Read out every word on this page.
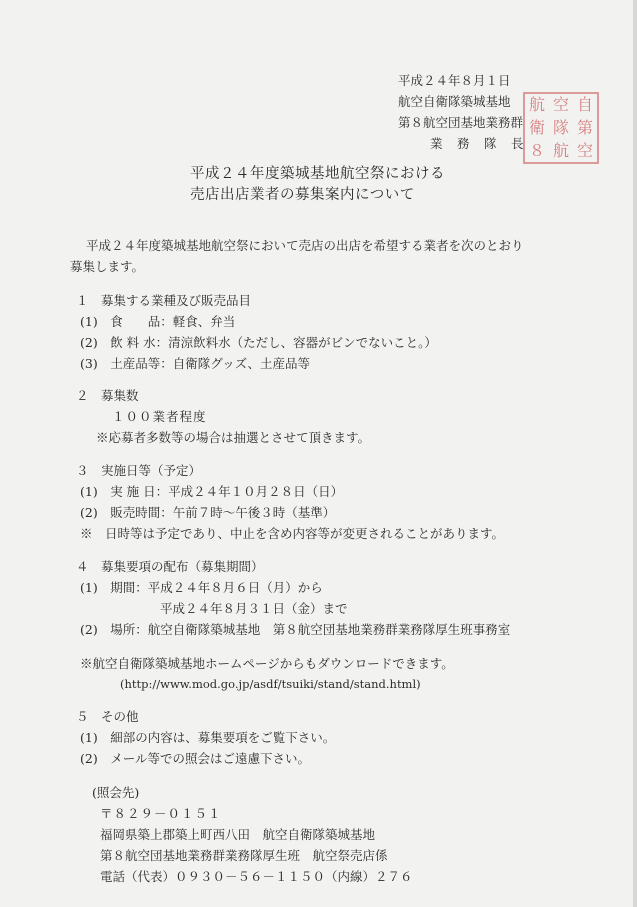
平成２４年８月１日
航空自衛隊築城基地
第８航空団基地業務群
業　務　隊　長
航 空 自
衛 隊 第
８ 航 空
平成２４年度築城基地航空祭における
売店出店業者の募集案内について
平成２４年度築城基地航空祭において売店の出店を希望する業者を次のとおり
募集します。
１　募集する業種及び販売品目
(1)　食　　品：軽食、弁当
(2)　飲 料 水：清涼飲料水（ただし、容器がビンでないこと。）
(3)　土産品等：自衛隊グッズ、土産品等
２　募集数
１００業者程度
※応募者多数等の場合は抽選とさせて頂きます。
３　実施日等（予定）
(1)　実 施 日：平成２４年１０月２８日（日）
(2)　販売時間：午前７時～午後３時（基準）
※　日時等は予定であり、中止を含め内容等が変更されることがあります。
４　募集要項の配布（募集期間）
(1)　期間：平成２４年８月６日（月）から
平成２４年８月３１日（金）まで
(2)　場所：航空自衛隊築城基地　第８航空団基地業務群業務隊厚生班事務室
※航空自衛隊築城基地ホームページからもダウンロードできます。
(http://www.mod.go.jp/asdf/tsuiki/stand/stand.html)
５　その他
(1)　細部の内容は、募集要項をご覧下さい。
(2)　メール等での照会はご遠慮下さい。
(照会先)
〒８２９－０１５１
福岡県築上郡築上町西八田　航空自衛隊築城基地
第８航空団基地業務群業務隊厚生班　航空祭売店係
電話（代表）０９３０－５６－１１５０（内線）２７６
